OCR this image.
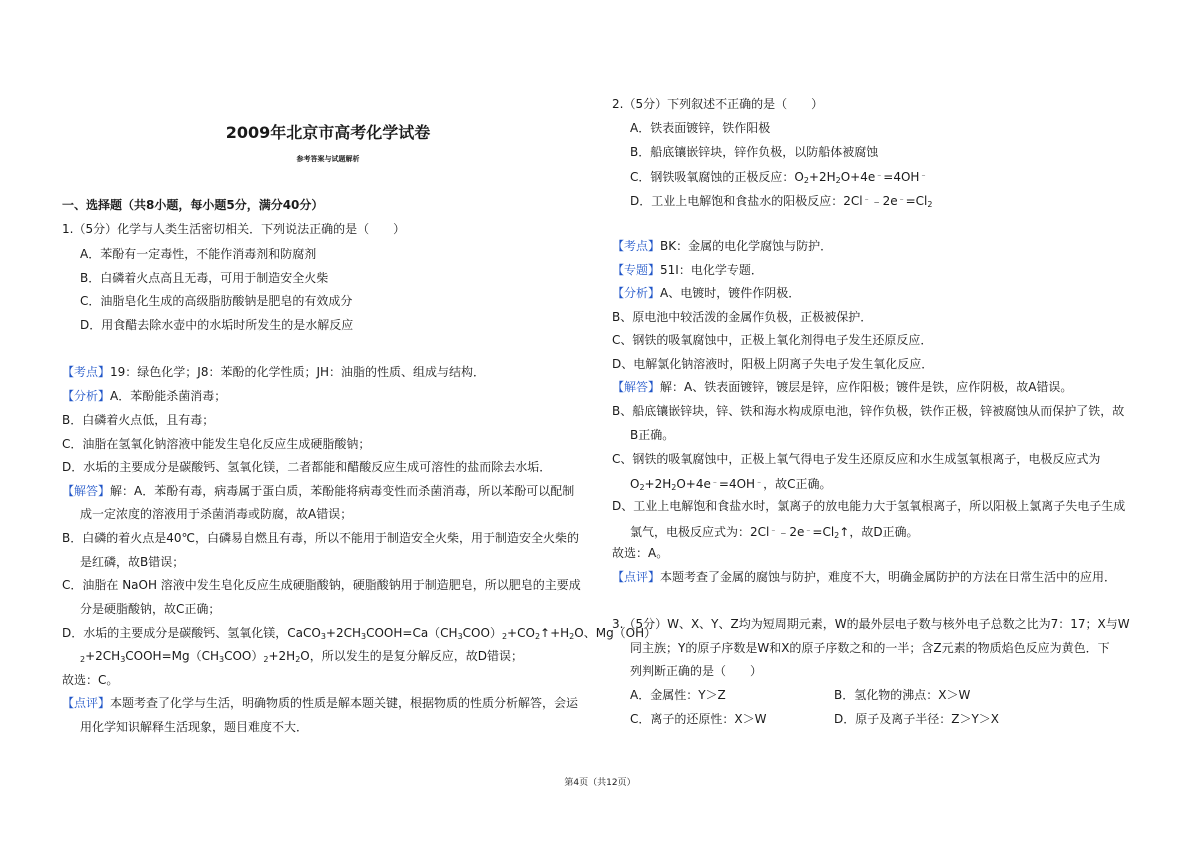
2009年北京市高考化学试卷
参考答案与试题解析
一、选择题（共8小题，每小题5分，满分40分）
1.（5分）化学与人类生活密切相关．下列说法正确的是（　　）
A．苯酚有一定毒性，不能作消毒剂和防腐剂
B．白磷着火点高且无毒，可用于制造安全火柴
C．油脂皂化生成的高级脂肪酸钠是肥皂的有效成分
D．用食醋去除水壶中的水垢时所发生的是水解反应
【考点】19：绿色化学；J8：苯酚的化学性质；JH：油脂的性质、组成与结构．
【分析】A．苯酚能杀菌消毒；
B．白磷着火点低，且有毒；
C．油脂在氢氧化钠溶液中能发生皂化反应生成硬脂酸钠；
D．水垢的主要成分是碳酸钙、氢氧化镁，二者都能和醋酸反应生成可溶性的盐而除去水垢．
【解答】解：A．苯酚有毒，病毒属于蛋白质，苯酚能将病毒变性而杀菌消毒，所以苯酚可以配制
成一定浓度的溶液用于杀菌消毒或防腐，故A错误；
B．白磷的着火点是40℃，白磷易自燃且有毒，所以不能用于制造安全火柴，用于制造安全火柴的
是红磷，故B错误；
C．油脂在 NaOH 溶液中发生皂化反应生成硬脂酸钠，硬脂酸钠用于制造肥皂，所以肥皂的主要成
分是硬脂酸钠，故C正确；
D．水垢的主要成分是碳酸钙、氢氧化镁，$CaCO_3+2CH_3COOH=Ca(CH_3COO)_2+CO_2↑+H_2O$、Mg（OH）
$_2+2CH_3COOH=Mg(CH_3COO)_2+2H_2O$，所以发生的是复分解反应，故D错误；
故选：C。
【点评】本题考查了化学与生活，明确物质的性质是解本题关键，根据物质的性质分析解答，会运
用化学知识解释生活现象，题目难度不大．
2.（5分）下列叙述不正确的是（　　）
A．铁表面镀锌，铁作阳极
B．船底镶嵌锌块，锌作负极，以防船体被腐蚀
C．钢铁吸氧腐蚀的正极反应：$O_2+2H_2O+4e^﹣=4OH^﹣$
D．工业上电解饱和食盐水的阳极反应：$2Cl^﹣﹣2e^﹣=Cl_2$
【考点】BK：金属的电化学腐蚀与防护．
【专题】51I：电化学专题．
【分析】A、电镀时，镀件作阴极．
B、原电池中较活泼的金属作负极，正极被保护．
C、钢铁的吸氧腐蚀中，正极上氧化剂得电子发生还原反应．
D、电解氯化钠溶液时，阳极上阴离子失电子发生氧化反应．
【解答】解：A、铁表面镀锌，镀层是锌，应作阳极；镀件是铁，应作阴极，故A错误。
B、船底镶嵌锌块，锌、铁和海水构成原电池，锌作负极，铁作正极，锌被腐蚀从而保护了铁，故
B正确。
C、钢铁的吸氧腐蚀中，正极上氧气得电子发生还原反应和水生成氢氧根离子，电极反应式为
$O_2+2H_2O+4e^﹣=4OH^﹣$，故C正确。
D、工业上电解饱和食盐水时，氯离子的放电能力大于氢氧根离子，所以阳极上氯离子失电子生成
氯气，电极反应式为：$2Cl^﹣﹣2e^﹣=Cl_2↑$，故D正确。
故选：A。
【点评】本题考查了金属的腐蚀与防护，难度不大，明确金属防护的方法在日常生活中的应用．
3.（5分）W、X、Y、Z均为短周期元素，W的最外层电子数与核外电子总数之比为7：17；X与W
同主族；Y的原子序数是W和X的原子序数之和的一半；含Z元素的物质焰色反应为黄色．下
列判断正确的是（　　）
A．金属性：Y＞Z	B．氢化物的沸点：X＞W
C．离子的还原性：X＞W	D．原子及离子半径：Z＞Y＞X
第4页（共12页）
